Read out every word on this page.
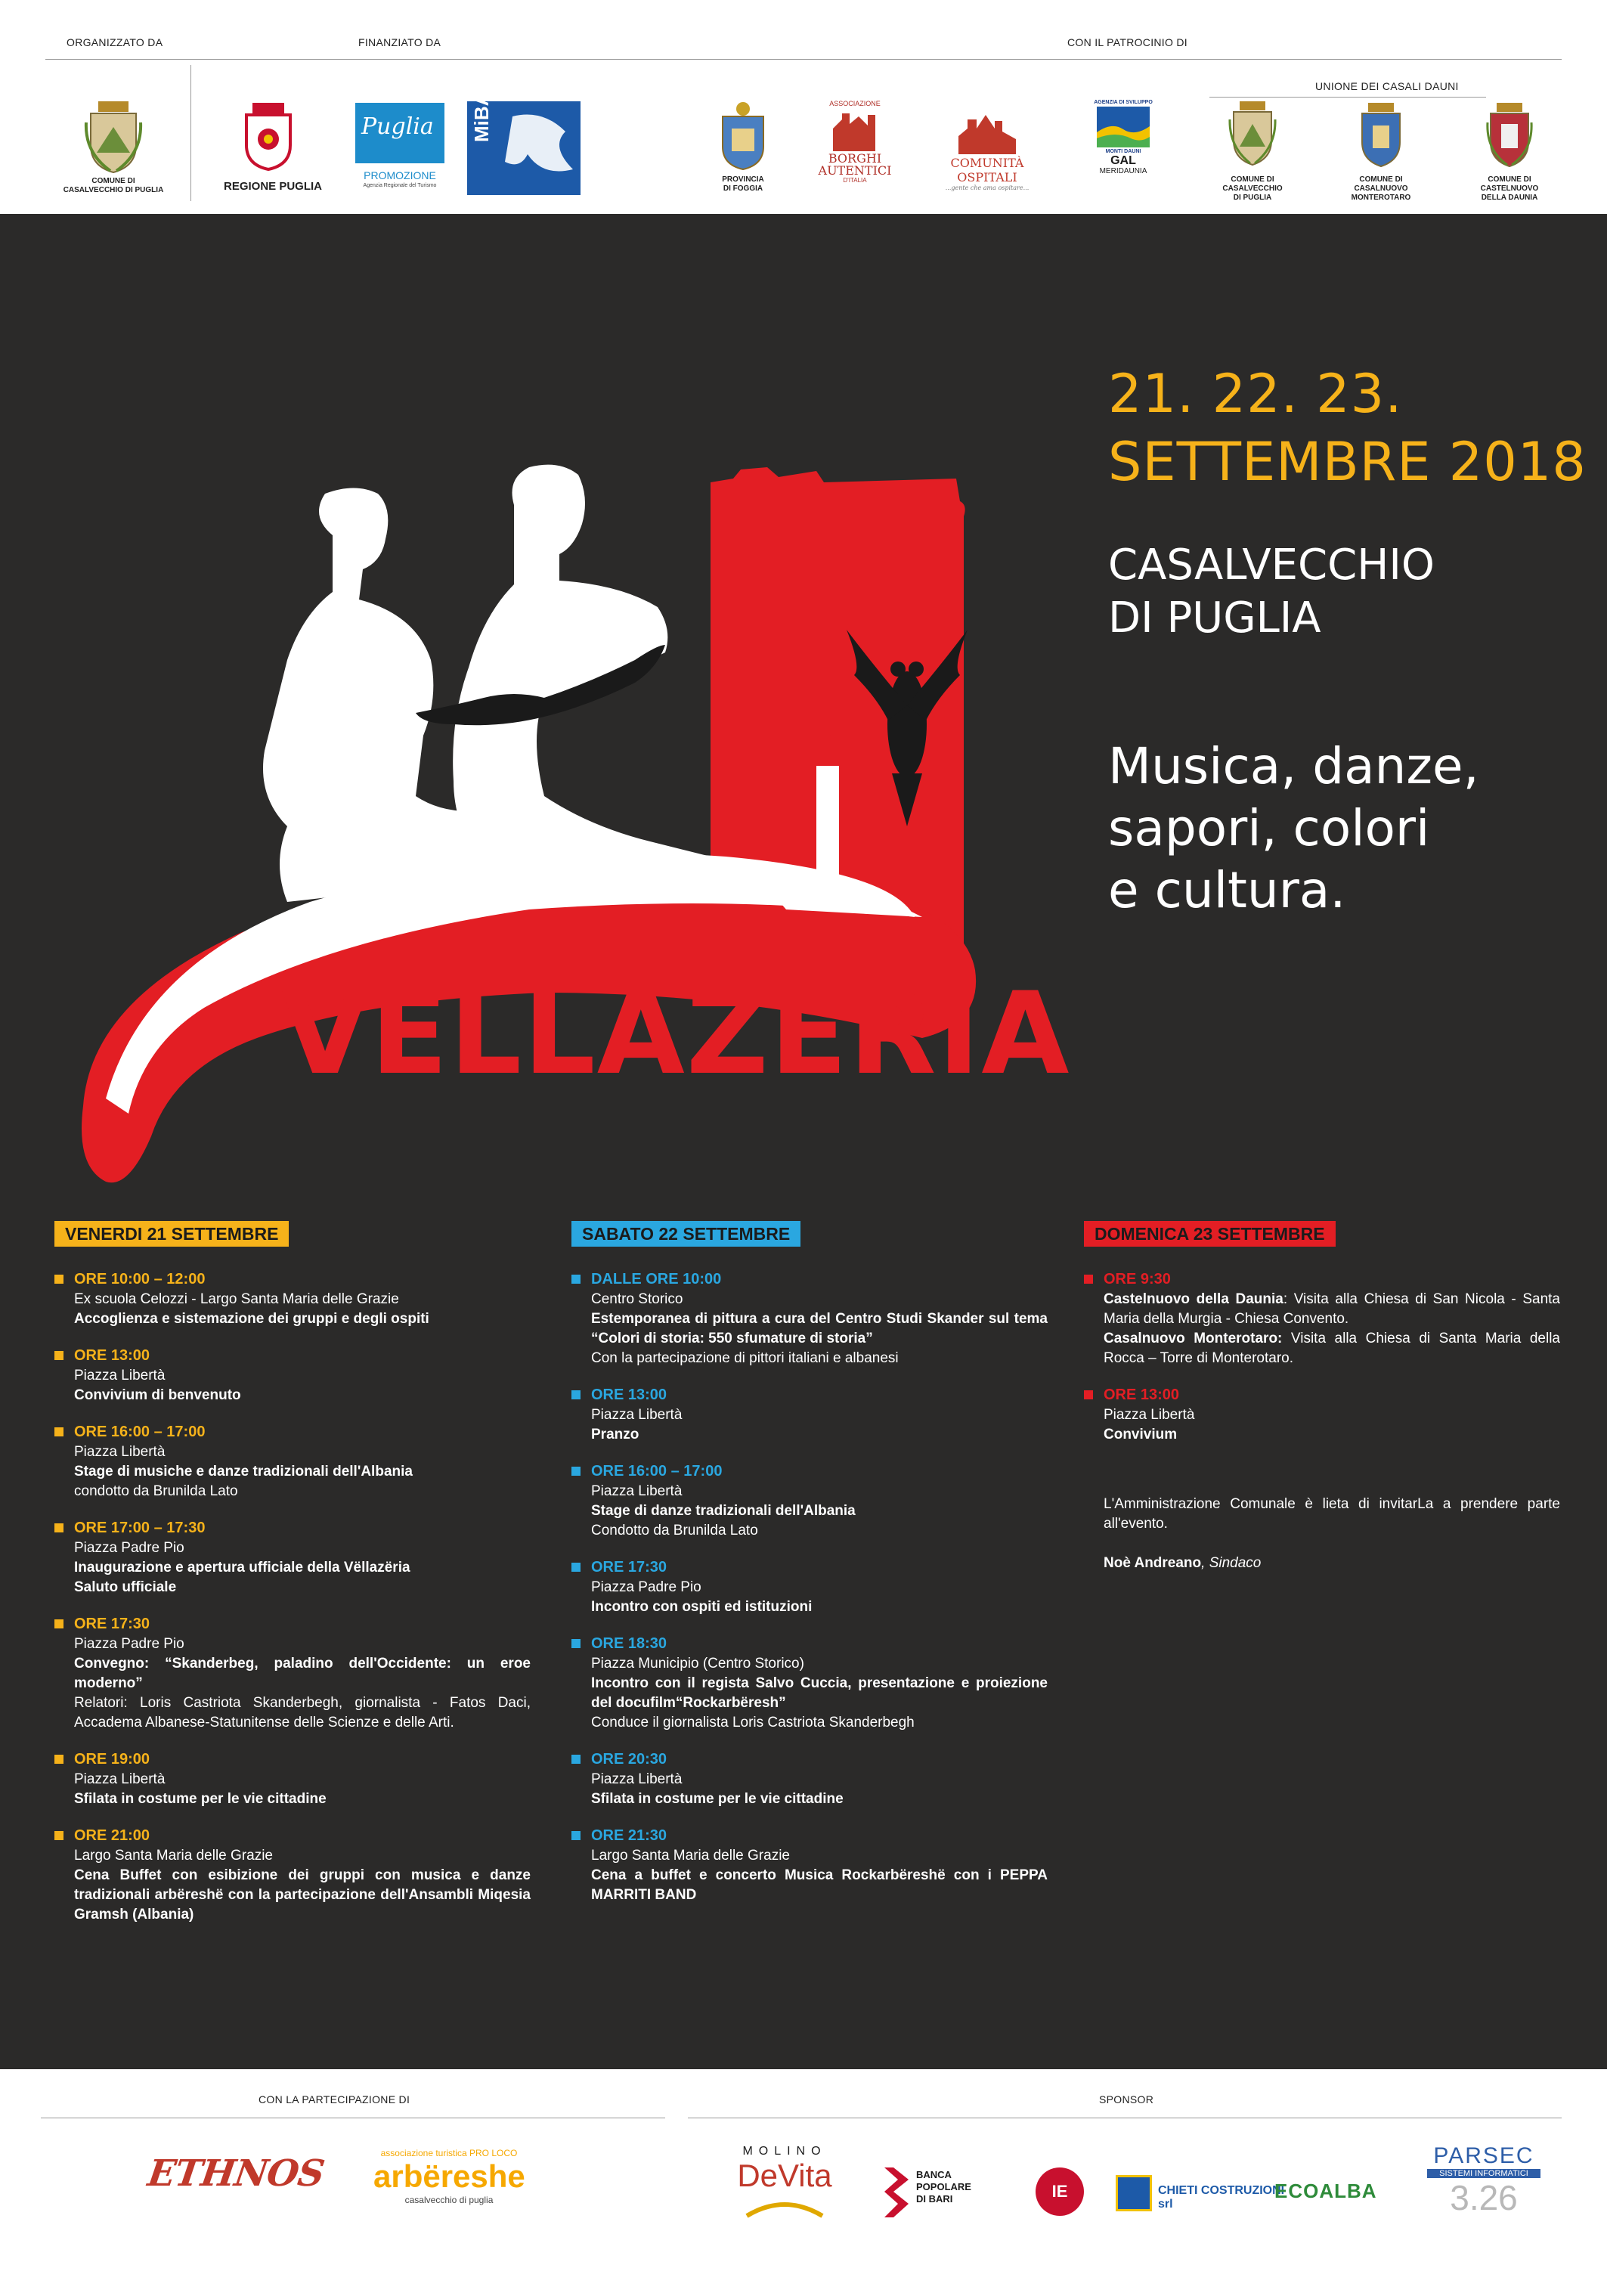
ORGANIZZATO DA	FINANZIATO DA	CON IL PATROCINIO DI
UNIONE DEI CASALI DAUNI
COMUNE DI
CASALVECCHIO DI PUGLIA	REGIONE PUGLIA
Puglia
PROMOZIONE
Agenzia Regionale del Turismo
MiBACT
PROVINCIA
DI FOGGIA
ASSOCIAZIONE
BORGHI
AUTENTICI
D'ITALIA
COMUNITÀ OSPITALI
...gente che ama ospitare...
AGENZIA DI SVILUPPO
MONTI DAUNI
GAL
MERIDAUNIA
COMUNE DI
CASALVECCHIO
DI PUGLIA
COMUNE DI
CASALNUOVO
MONTEROTARO
COMUNE DI
CASTELNUOVO
DELLA DAUNIA
VËLLAZËRIA
21. 22. 23.
SETTEMBRE 2018
CASALVECCHIO
DI PUGLIA
Musica, danze,
sapori, colori
e cultura.
VENERDI 21 SETTEMBRE
ORE 10:00 – 12:00
Ex scuola Celozzi - Largo Santa Maria delle Grazie
Accoglienza e sistemazione dei gruppi e degli ospiti
ORE 13:00
Piazza Libertà
Convivium di benvenuto
ORE 16:00 – 17:00
Piazza Libertà
Stage di musiche e danze tradizionali dell'Albania
condotto da Brunilda Lato
ORE 17:00 – 17:30
Piazza Padre Pio
Inaugurazione e apertura ufficiale della Vëllazëria
Saluto ufficiale
ORE 17:30
Piazza Padre Pio
Convegno: “Skanderbeg, paladino dell'Occidente: un eroe moderno”
Relatori: Loris Castriota Skanderbegh, giornalista - Fatos Daci, Accadema Albanese-Statunitense delle Scienze e delle Arti.
ORE 19:00
Piazza Libertà
Sfilata in costume per le vie cittadine
ORE 21:00
Largo Santa Maria delle Grazie
Cena Buffet con esibizione dei gruppi con musica e danze tradizionali arbëreshë con la partecipazione dell'Ansambli Miqesia Gramsh (Albania)
SABATO 22 SETTEMBRE
DALLE ORE 10:00
Centro Storico
Estemporanea di pittura a cura del Centro Studi Skander sul tema “Colori di storia: 550 sfumature di storia”
Con la partecipazione di pittori italiani e albanesi
ORE 13:00
Piazza Libertà
Pranzo
ORE 16:00 – 17:00
Piazza Libertà
Stage di danze tradizionali dell'Albania
Condotto da Brunilda Lato
ORE 17:30
Piazza Padre Pio
Incontro con ospiti ed istituzioni
ORE 18:30
Piazza Municipio (Centro Storico)
Incontro con il regista Salvo Cuccia, presentazione e proiezione del docufilm“Rockarbëresh”
Conduce il giornalista Loris Castriota Skanderbegh
ORE 20:30
Piazza Libertà
Sfilata in costume per le vie cittadine
ORE 21:30
Largo Santa Maria delle Grazie
Cena a buffet e concerto Musica Rockarbëreshë con i PEPPA MARRITI BAND
DOMENICA 23 SETTEMBRE
ORE 9:30
Castelnuovo della Daunia: Visita alla Chiesa di San Nicola - Santa Maria della Murgia - Chiesa Convento.
Casalnuovo Monterotaro: Visita alla Chiesa di Santa Maria della Rocca – Torre di Monterotaro.
ORE 13:00
Piazza Libertà
Convivium
L'Amministrazione Comunale è lieta di invitarLa a prendere parte all'evento.
Noè Andreano, Sindaco
CON LA PARTECIPAZIONE DI	SPONSOR
ETHNOS	associazione turistica PRO LOCO
arbëreshe
casalvecchio di puglia
MOLINO
DeVita	BANCA
POPOLARE
DI BARI	IE	CHIETI COSTRUZIONI srl
ECOALBA
PARSEC
SISTEMI INFORMATICI
3.26
